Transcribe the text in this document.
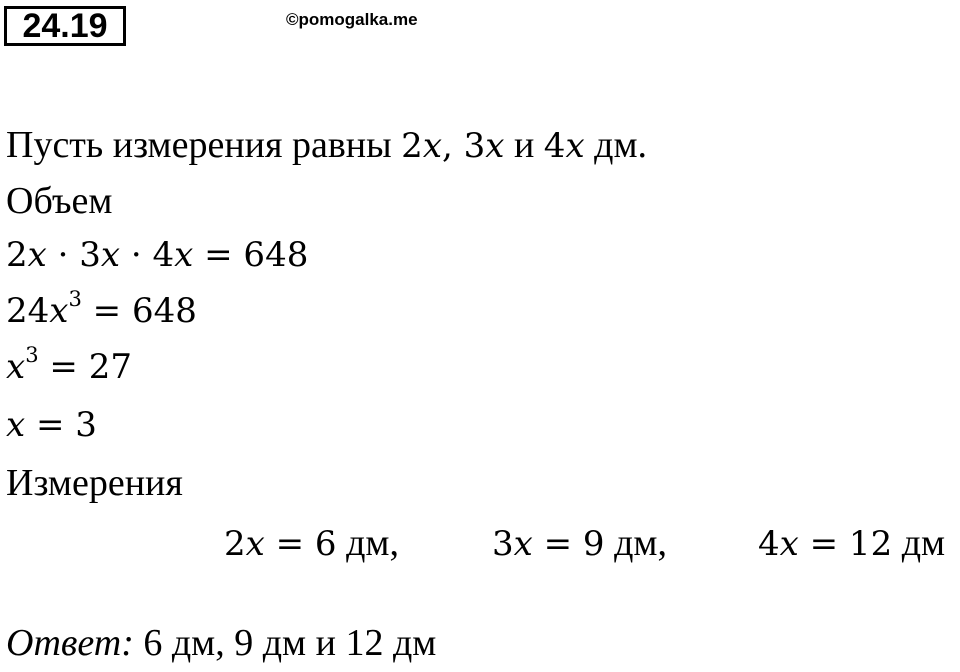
24.19	©pomogalka.me
Пусть измерения равны 2x, 3x и 4x дм.
Объем
2x · 3x · 4x = 648
$24x^3 = 648$
$x^3 = 27$
x = 3
Измерения
2x = 6 дм,	3x = 9 дм,	4x = 12 дм
Ответ: 6 дм, 9 дм и 12 дм
